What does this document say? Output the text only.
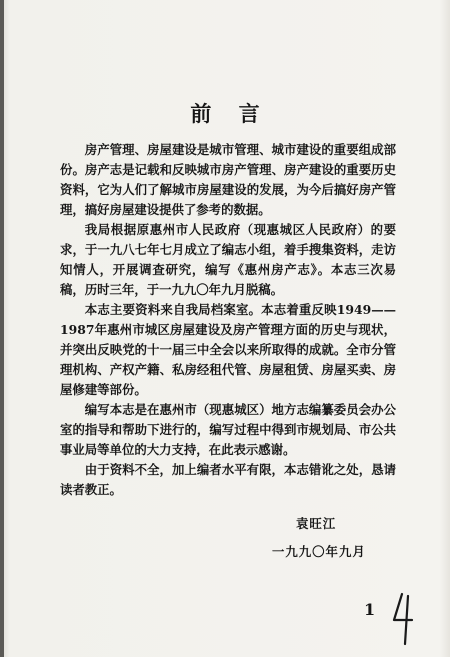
前 言

房产管理、房屋建设是城市管理、城市建设的重要组成部份。房产志是记载和反映城市房产管理、房产建设的重要历史资料，它为人们了解城市房屋建设的发展，为今后搞好房产管理，搞好房屋建设提供了参考的数据。

我局根据原惠州市人民政府（现惠城区人民政府）的要求，于一九八七年七月成立了编志小组，着手搜集资料，走访知情人，开展调查研究，编写《惠州房产志》。本志三次易稿，历时三年，于一九九〇年九月脱稿。

本志主要资料来自我局档案室。本志着重反映1949——1987年惠州市城区房屋建设及房产管理方面的历史与现状，并突出反映党的十一届三中全会以来所取得的成就。全市分管理机构、产权产籍、私房经租代管、房屋租赁、房屋买卖、房屋修建等部份。

编写本志是在惠州市（现惠城区）地方志编纂委员会办公室的指导和帮助下进行的，编写过程中得到市规划局、市公共事业局等单位的大力支持，在此表示感谢。

由于资料不全，加上编者水平有限，本志错讹之处，恳请读者教正。

袁旺江
一九九〇年九月
1
